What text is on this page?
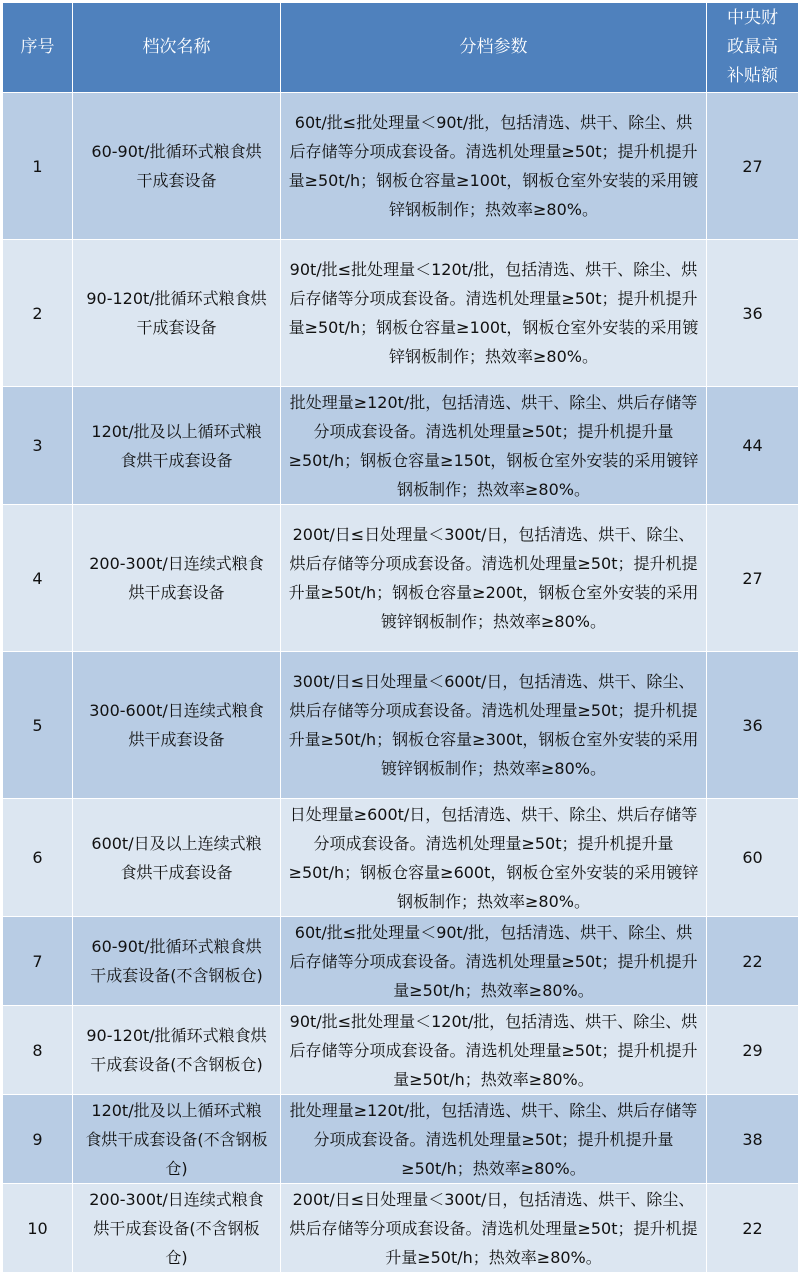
序号	档次名称	分档参数	中央财政最高补贴额
1	60-90t/批循环式粮食烘干成套设备	60t/批≤批处理量＜90t/批，包括清选、烘干、除尘、烘后存储等分项成套设备。清选机处理量≥50t；提升机提升量≥50t/h；钢板仓容量≥100t，钢板仓室外安装的采用镀锌钢板制作；热效率≥80%。	27
2	90-120t/批循环式粮食烘干成套设备	90t/批≤批处理量＜120t/批，包括清选、烘干、除尘、烘后存储等分项成套设备。清选机处理量≥50t；提升机提升量≥50t/h；钢板仓容量≥100t，钢板仓室外安装的采用镀锌钢板制作；热效率≥80%。	36
3	120t/批及以上循环式粮食烘干成套设备	批处理量≥120t/批，包括清选、烘干、除尘、烘后存储等分项成套设备。清选机处理量≥50t；提升机提升量≥50t/h；钢板仓容量≥150t，钢板仓室外安装的采用镀锌钢板制作；热效率≥80%。	44
4	200-300t/日连续式粮食烘干成套设备	200t/日≤日处理量＜300t/日，包括清选、烘干、除尘、烘后存储等分项成套设备。清选机处理量≥50t；提升机提升量≥50t/h；钢板仓容量≥200t，钢板仓室外安装的采用镀锌钢板制作；热效率≥80%。	27
5	300-600t/日连续式粮食烘干成套设备	300t/日≤日处理量＜600t/日，包括清选、烘干、除尘、烘后存储等分项成套设备。清选机处理量≥50t；提升机提升量≥50t/h；钢板仓容量≥300t，钢板仓室外安装的采用镀锌钢板制作；热效率≥80%。	36
6	600t/日及以上连续式粮食烘干成套设备	日处理量≥600t/日，包括清选、烘干、除尘、烘后存储等分项成套设备。清选机处理量≥50t；提升机提升量≥50t/h；钢板仓容量≥600t，钢板仓室外安装的采用镀锌钢板制作；热效率≥80%。	60
7	60-90t/批循环式粮食烘干成套设备(不含钢板仓)	60t/批≤批处理量＜90t/批，包括清选、烘干、除尘、烘后存储等分项成套设备。清选机处理量≥50t；提升机提升量≥50t/h；热效率≥80%。	22
8	90-120t/批循环式粮食烘干成套设备(不含钢板仓)	90t/批≤批处理量＜120t/批，包括清选、烘干、除尘、烘后存储等分项成套设备。清选机处理量≥50t；提升机提升量≥50t/h；热效率≥80%。	29
9	120t/批及以上循环式粮食烘干成套设备(不含钢板仓)	批处理量≥120t/批，包括清选、烘干、除尘、烘后存储等分项成套设备。清选机处理量≥50t；提升机提升量≥50t/h；热效率≥80%。	38
10	200-300t/日连续式粮食烘干成套设备(不含钢板仓)	200t/日≤日处理量＜300t/日，包括清选、烘干、除尘、烘后存储等分项成套设备。清选机处理量≥50t；提升机提升量≥50t/h；热效率≥80%。	22
